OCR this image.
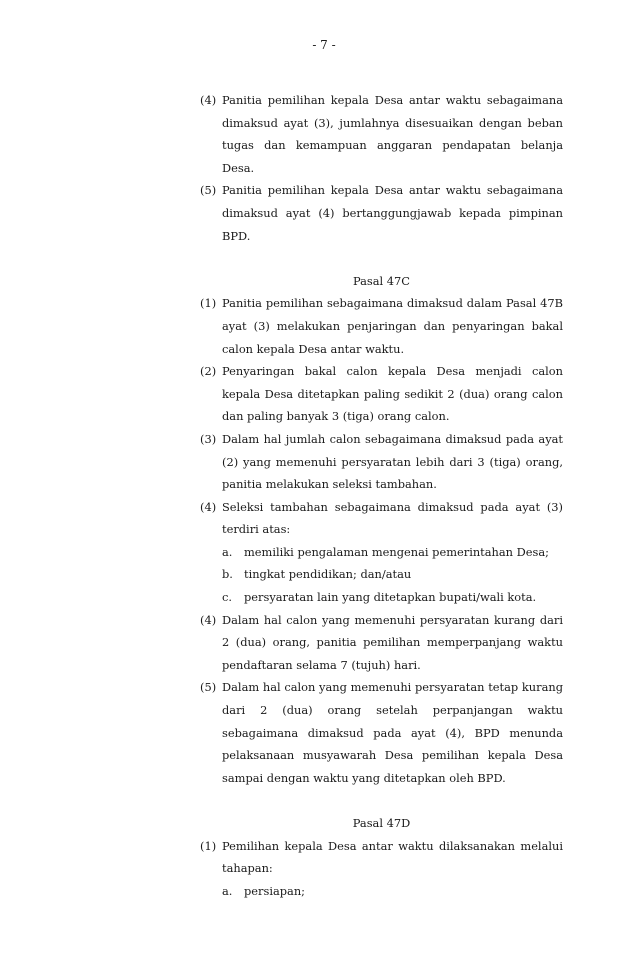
- 7 -
(4) Panitia pemilihan kepala Desa antar waktu sebagaimana dimaksud ayat (3), jumlahnya disesuaikan dengan beban tugas dan kemampuan anggaran pendapatan belanja Desa.
(5) Panitia pemilihan kepala Desa antar waktu sebagaimana dimaksud ayat (4) bertanggungjawab kepada pimpinan BPD.
Pasal 47C
(1) Panitia pemilihan sebagaimana dimaksud dalam Pasal 47B ayat (3) melakukan penjaringan dan penyaringan bakal calon kepala Desa antar waktu.
(2) Penyaringan bakal calon kepala Desa menjadi calon kepala Desa ditetapkan paling sedikit 2 (dua) orang calon dan paling banyak 3 (tiga) orang calon.
(3) Dalam hal jumlah calon sebagaimana dimaksud pada ayat (2) yang memenuhi persyaratan lebih dari 3 (tiga) orang, panitia melakukan seleksi tambahan.
(4) Seleksi tambahan sebagaimana dimaksud pada ayat (3) terdiri atas:
a.	memiliki pengalaman mengenai pemerintahan Desa;
b. tingkat pendidikan; dan/atau
c.	persyaratan lain yang ditetapkan bupati/wali kota.
(4) Dalam hal calon yang memenuhi persyaratan kurang dari 2 (dua) orang, panitia pemilihan memperpanjang waktu pendaftaran selama 7 (tujuh) hari.
(5) Dalam hal calon yang memenuhi persyaratan tetap kurang dari 2 (dua) orang setelah perpanjangan waktu sebagaimana dimaksud pada ayat (4), BPD menunda pelaksanaan musyawarah Desa pemilihan kepala Desa sampai dengan waktu yang ditetapkan oleh BPD.
Pasal 47D
(1) Pemilihan kepala Desa antar waktu dilaksanakan melalui tahapan:
a.	persiapan;
